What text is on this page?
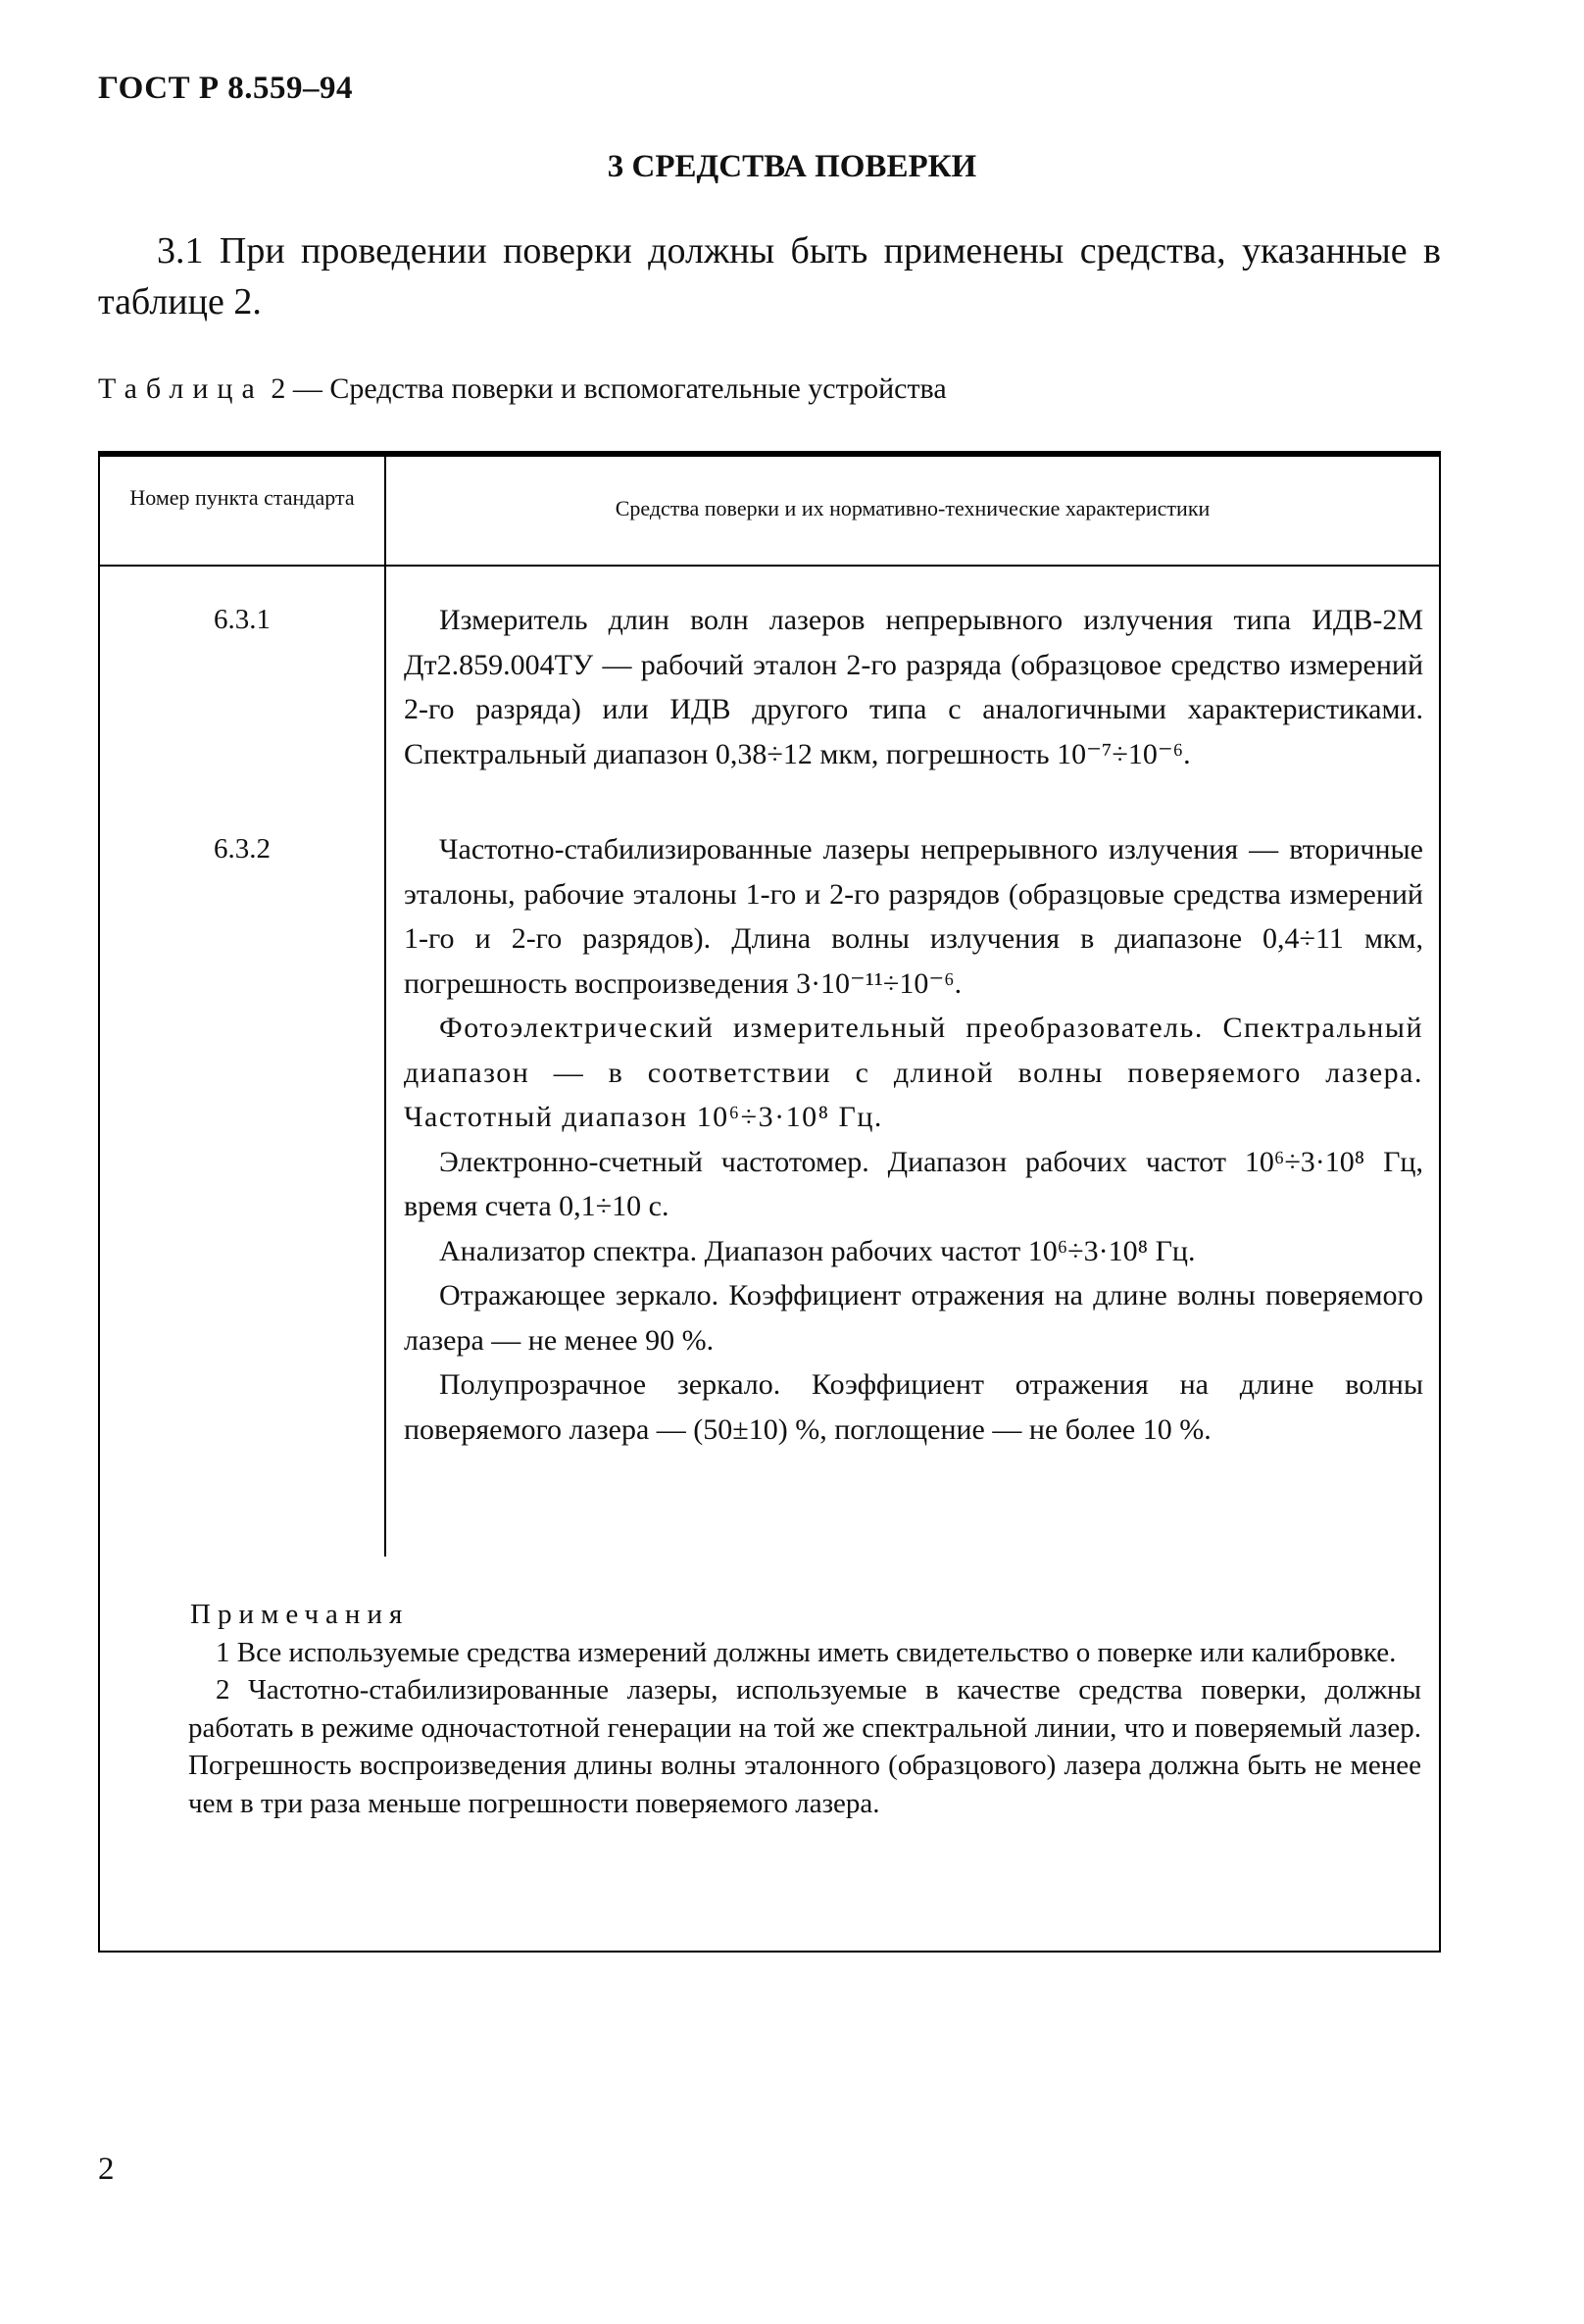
ГОСТ Р 8.559–94
3 СРЕДСТВА ПОВЕРКИ
3.1 При проведении поверки должны быть применены средства, указанные в таблице 2.
Таблица 2 — Средства поверки и вспомогательные устройства
Номер пункта стандарта	Средства поверки и их нормативно-технические характеристики
6.3.1	Измеритель длин волн лазеров непрерывного излучения типа ИДВ-2М Дт2.859.004ТУ — рабочий эталон 2-го разряда (образцовое средство измерений 2-го разряда) или ИДВ другого типа с аналогичными характеристиками. Спектральный диапазон 0,38÷12 мкм, погрешность 10⁻⁷÷10⁻⁶.

6.3.2	Частотно-стабилизированные лазеры непрерывного излучения — вторичные эталоны, рабочие эталоны 1-го и 2-го разрядов (образцовые средства измерений 1-го и 2-го разрядов). Длина волны излучения в диапазоне 0,4÷11 мкм, погрешность воспроизведения 3·10⁻¹¹÷10⁻⁶.

Фотоэлектрический измерительный преобразователь. Спектральный диапазон — в соответствии с длиной волны поверяемого лазера. Частотный диапазон 10⁶÷3·10⁸ Гц.

Электронно-счетный частотомер. Диапазон рабочих частот 10⁶÷3·10⁸ Гц, время счета 0,1÷10 с.

Анализатор спектра. Диапазон рабочих частот 10⁶÷3·10⁸ Гц.

Отражающее зеркало. Коэффициент отражения на длине волны поверяемого лазера — не менее 90 %.

Полупрозрачное зеркало. Коэффициент отражения на длине волны поверяемого лазера — (50±10) %, поглощение — не более 10 %.

Примечания

1 Все используемые средства измерений должны иметь свидетельство о поверке или калибровке.

2 Частотно-стабилизированные лазеры, используемые в качестве средства поверки, должны работать в режиме одночастотной генерации на той же спектральной линии, что и поверяемый лазер. Погрешность воспроизведения длины волны эталонного (образцового) лазера должна быть не менее чем в три раза меньше погрешности поверяемого лазера.

2
